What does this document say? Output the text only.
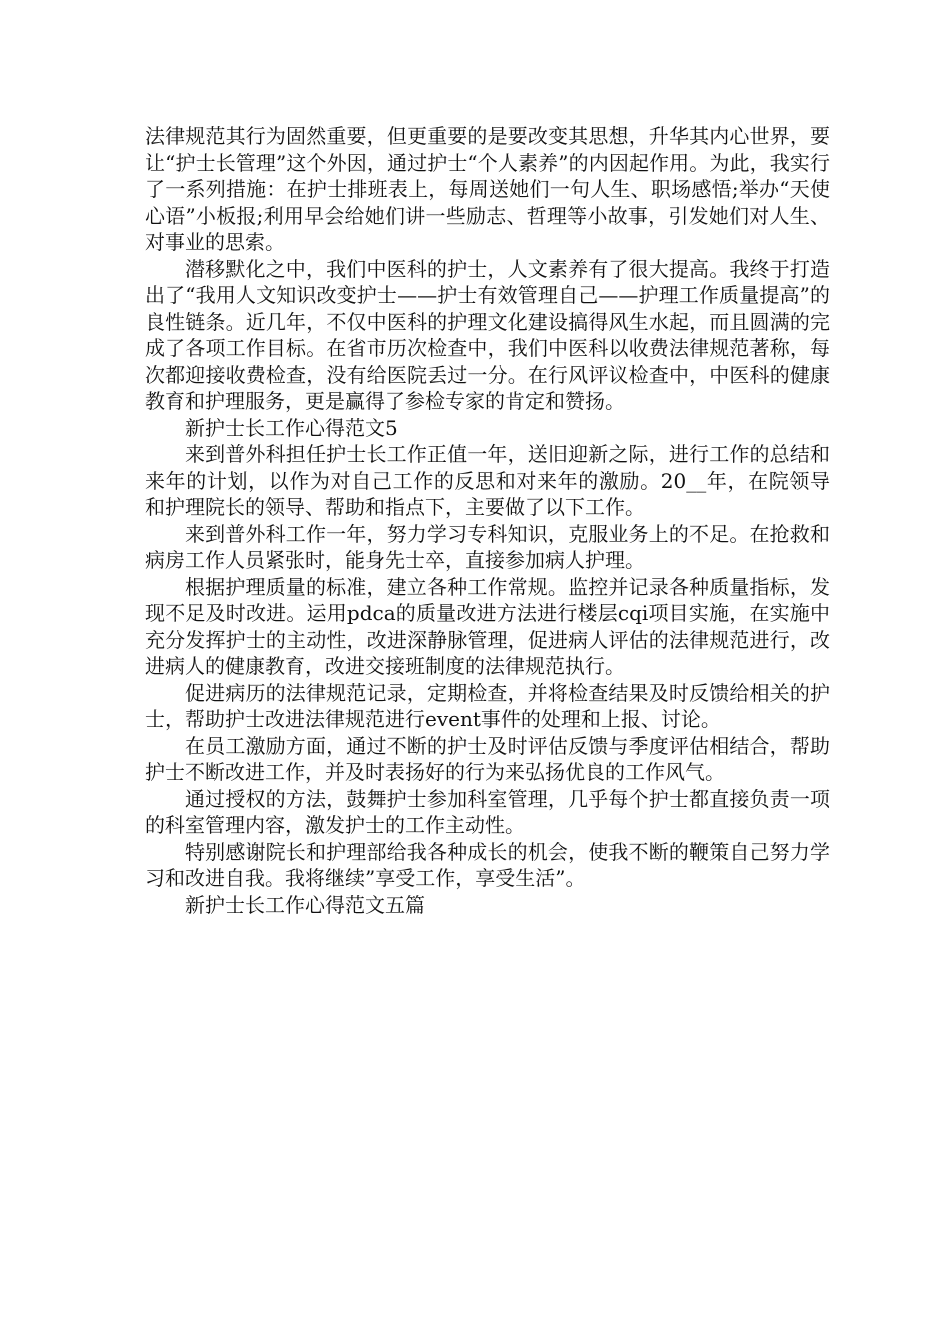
法律规范其行为固然重要，但更重要的是要改变其思想，升华其内心世界，要让“护士长管理”这个外因，通过护士“个人素养”的内因起作用。为此，我实行了一系列措施：在护士排班表上，每周送她们一句人生、职场感悟;举办“天使心语”小板报;利用早会给她们讲一些励志、哲理等小故事，引发她们对人生、对事业的思索。

潜移默化之中，我们中医科的护士，人文素养有了很大提高。我终于打造出了“我用人文知识改变护士——护士有效管理自己——护理工作质量提高”的良性链条。近几年，不仅中医科的护理文化建设搞得风生水起，而且圆满的完成了各项工作目标。在省市历次检查中，我们中医科以收费法律规范著称，每次都迎接收费检查，没有给医院丢过一分。在行风评议检查中，中医科的健康教育和护理服务，更是赢得了参检专家的肯定和赞扬。

新护士长工作心得范文5

来到普外科担任护士长工作正值一年，送旧迎新之际，进行工作的总结和来年的计划，以作为对自己工作的反思和对来年的激励。20__年，在院领导和护理院长的领导、帮助和指点下，主要做了以下工作。

来到普外科工作一年，努力学习专科知识，克服业务上的不足。在抢救和病房工作人员紧张时，能身先士卒，直接参加病人护理。

根据护理质量的标准，建立各种工作常规。监控并记录各种质量指标，发现不足及时改进。运用pdca的质量改进方法进行楼层cqi项目实施，在实施中充分发挥护士的主动性，改进深静脉管理，促进病人评估的法律规范进行，改进病人的健康教育，改进交接班制度的法律规范执行。

促进病历的法律规范记录，定期检查，并将检查结果及时反馈给相关的护士，帮助护士改进法律规范进行event事件的处理和上报、讨论。

在员工激励方面，通过不断的护士及时评估反馈与季度评估相结合，帮助护士不断改进工作，并及时表扬好的行为来弘扬优良的工作风气。

通过授权的方法，鼓舞护士参加科室管理，几乎每个护士都直接负责一项的科室管理内容，激发护士的工作主动性。

特别感谢院长和护理部给我各种成长的机会，使我不断的鞭策自己努力学习和改进自我。我将继续”享受工作，享受生活”。

新护士长工作心得范文五篇
